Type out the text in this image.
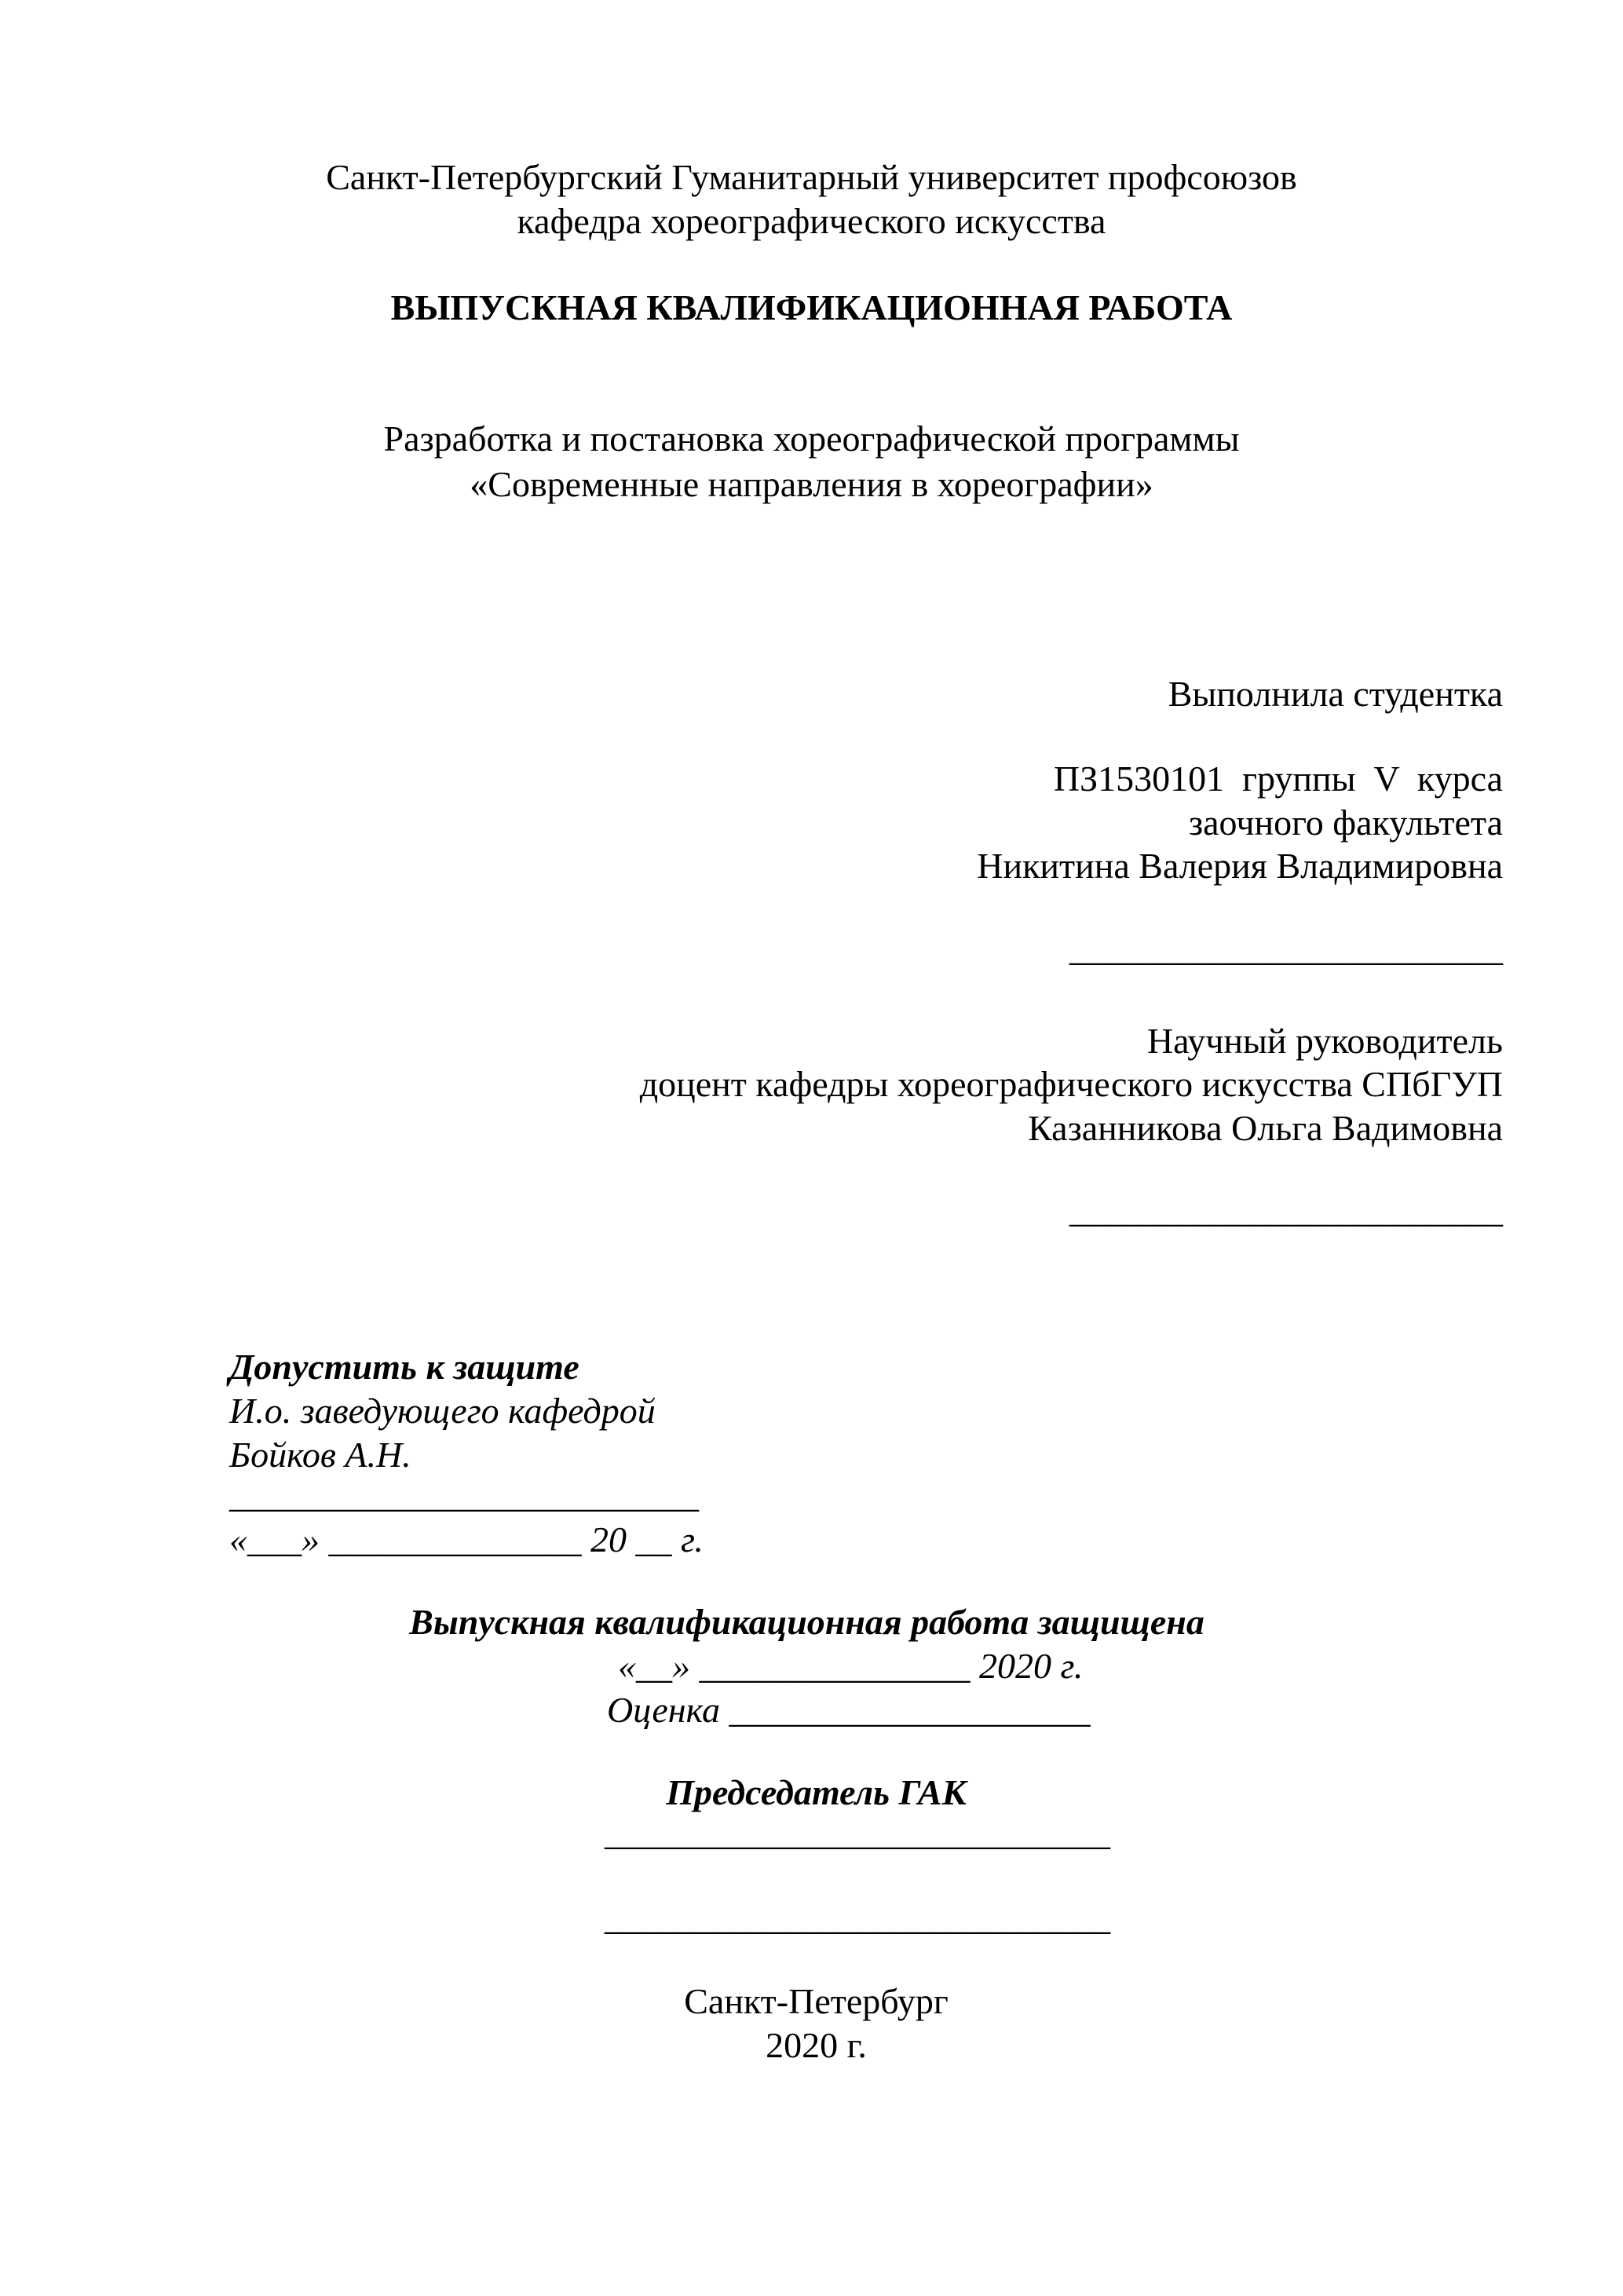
Санкт-Петербургский Гуманитарный университет профсоюзов

кафедра хореографического искусства

ВЫПУСКНАЯ КВАЛИФИКАЦИОННАЯ РАБОТА

Разработка и постановка хореографической программы

«Современные направления в хореографии»

Выполнила студентка

ПЗ1530101  группы  V  курса

заочного факультета

Никитина Валерия Владимировна

________________________

Научный руководитель

доцент кафедры хореографического искусства СПбГУП

Казанникова Ольга Вадимовна

________________________

Допустить к защите

И.о. заведующего кафедрой

Бойков А.Н.

__________________________

«___» ______________ 20 __ г.

Выпускная квалификационная работа защищена

«__» _______________ 2020 г.

Оценка ____________________

Председатель ГАК

____________________________

____________________________

Санкт-Петербург

2020 г.
